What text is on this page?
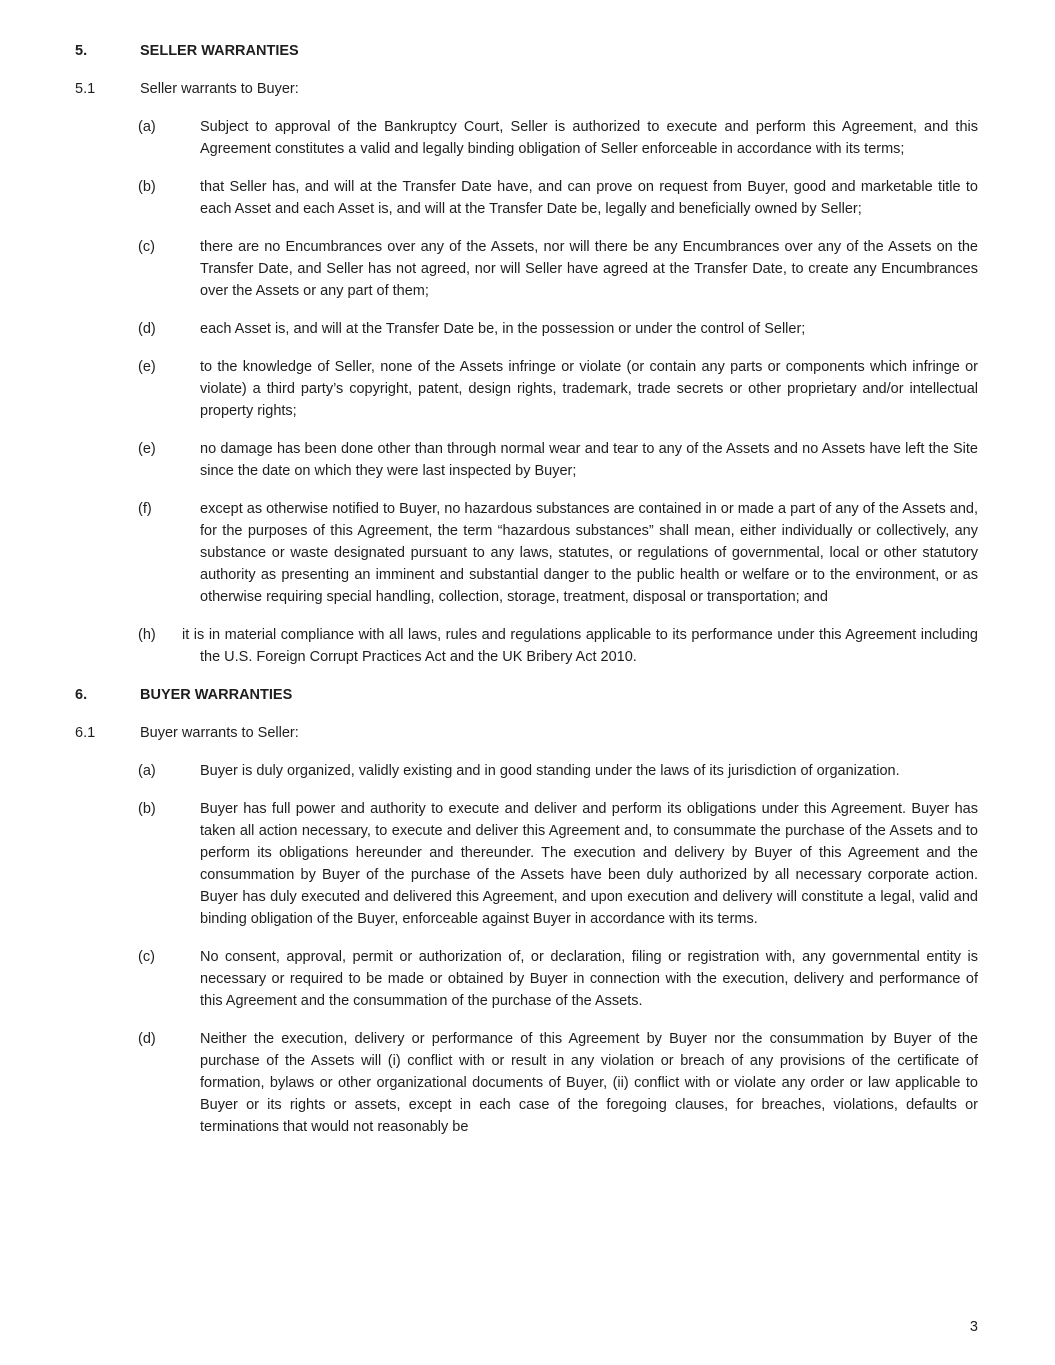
5.	SELLER WARRANTIES
5.1	Seller warrants to Buyer:
(a)	Subject to approval of the Bankruptcy Court, Seller is authorized to execute and perform this Agreement, and this Agreement constitutes a valid and legally binding obligation of Seller enforceable in accordance with its terms;
(b)	that Seller has, and will at the Transfer Date have, and can prove on request from Buyer, good and marketable title to each Asset and each Asset is, and will at the Transfer Date be, legally and beneficially owned by Seller;
(c)	there are no Encumbrances over any of the Assets, nor will there be any Encumbrances over any of the Assets on the Transfer Date, and Seller has not agreed, nor will Seller have agreed at the Transfer Date, to create any Encumbrances over the Assets or any part of them;
(d)	each Asset is, and will at the Transfer Date be, in the possession or under the control of Seller;
(e)	to the knowledge of Seller, none of the Assets infringe or violate (or contain any parts or components which infringe or violate) a third party’s copyright, patent, design rights, trademark, trade secrets or other proprietary and/or intellectual property rights;
(e)	no damage has been done other than through normal wear and tear to any of the Assets and no Assets have left the Site since the date on which they were last inspected by Buyer;
(f)	except as otherwise notified to Buyer, no hazardous substances are contained in or made a part of any of the Assets and, for the purposes of this Agreement, the term “hazardous substances” shall mean, either individually or collectively, any substance or waste designated pursuant to any laws, statutes, or regulations of governmental, local or other statutory authority as presenting an imminent and substantial danger to the public health or welfare or to the environment, or as otherwise requiring special handling, collection, storage, treatment, disposal or transportation; and
(h) it is in material compliance with all laws, rules and regulations applicable to its performance under this Agreement including the U.S. Foreign Corrupt Practices Act and the UK Bribery Act 2010.
6.	BUYER WARRANTIES
6.1	Buyer warrants to Seller:
(a)	Buyer is duly organized, validly existing and in good standing under the laws of its jurisdiction of organization.
(b)	Buyer has full power and authority to execute and deliver and perform its obligations under this Agreement. Buyer has taken all action necessary, to execute and deliver this Agreement and, to consummate the purchase of the Assets and to perform its obligations hereunder and thereunder. The execution and delivery by Buyer of this Agreement and the consummation by Buyer of the purchase of the Assets have been duly authorized by all necessary corporate action. Buyer has duly executed and delivered this Agreement, and upon execution and delivery will constitute a legal, valid and binding obligation of the Buyer, enforceable against Buyer in accordance with its terms.
(c)	No consent, approval, permit or authorization of, or declaration, filing or registration with, any governmental entity is necessary or required to be made or obtained by Buyer in connection with the execution, delivery and performance of this Agreement and the consummation of the purchase of the Assets.
(d)	Neither the execution, delivery or performance of this Agreement by Buyer nor the consummation by Buyer of the purchase of the Assets will (i) conflict with or result in any violation or breach of any provisions of the certificate of formation, bylaws or other organizational documents of Buyer, (ii) conflict with or violate any order or law applicable to Buyer or its rights or assets, except in each case of the foregoing clauses, for breaches, violations, defaults or terminations that would not reasonably be
3
